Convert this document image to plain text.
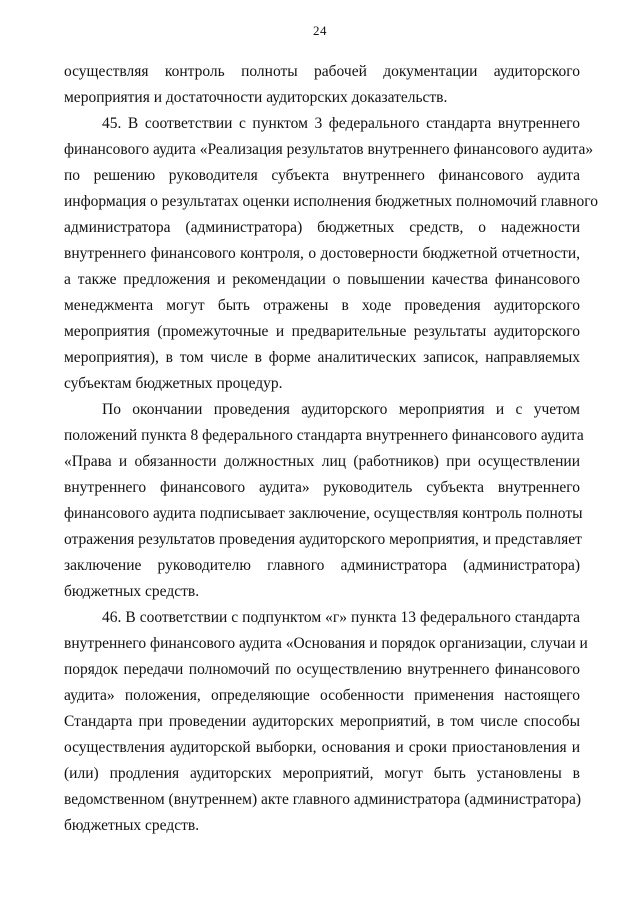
24
осуществляя контроль полноты рабочей документации аудиторского
мероприятия и достаточности аудиторских доказательств.
45. В соответствии с пунктом 3 федерального стандарта внутреннего
финансового аудита «Реализация результатов внутреннего финансового аудита»
по решению руководителя субъекта внутреннего финансового аудита
информация о результатах оценки исполнения бюджетных полномочий главного
администратора (администратора) бюджетных средств, о надежности
внутреннего финансового контроля, о достоверности бюджетной отчетности,
а также предложения и рекомендации о повышении качества финансового
менеджмента могут быть отражены в ходе проведения аудиторского
мероприятия (промежуточные и предварительные результаты аудиторского
мероприятия), в том числе в форме аналитических записок, направляемых
субъектам бюджетных процедур.
По окончании проведения аудиторского мероприятия и с учетом
положений пункта 8 федерального стандарта внутреннего финансового аудита
«Права и обязанности должностных лиц (работников) при осуществлении
внутреннего финансового аудита» руководитель субъекта внутреннего
финансового аудита подписывает заключение, осуществляя контроль полноты
отражения результатов проведения аудиторского мероприятия, и представляет
заключение руководителю главного администратора (администратора)
бюджетных средств.
46. В соответствии с подпунктом «г» пункта 13 федерального стандарта
внутреннего финансового аудита «Основания и порядок организации, случаи и
порядок передачи полномочий по осуществлению внутреннего финансового
аудита» положения, определяющие особенности применения настоящего
Стандарта при проведении аудиторских мероприятий, в том числе способы
осуществления аудиторской выборки, основания и сроки приостановления и
(или) продления аудиторских мероприятий, могут быть установлены в
ведомственном (внутреннем) акте главного администратора (администратора)
бюджетных средств.
